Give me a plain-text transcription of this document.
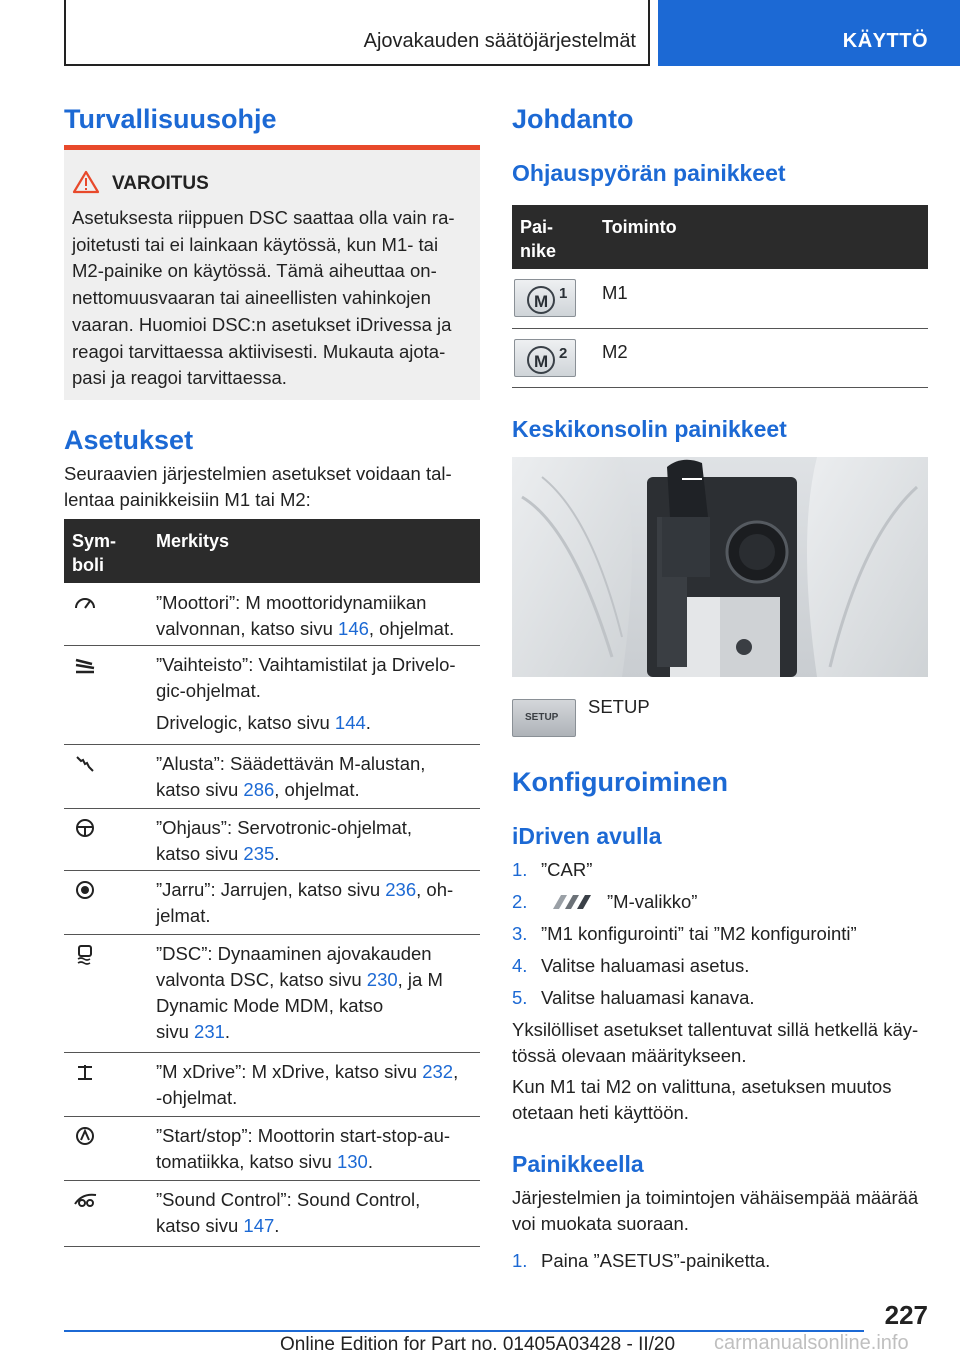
Ajovakauden säätöjärjestelmät	KÄYTTÖ
Turvallisuusohje
VAROITUS
Asetuksesta riippuen DSC saattaa olla vain ra-
joitetusti tai ei lainkaan käytössä, kun M1- tai
M2-painike on käytössä. Tämä aiheuttaa on-
nettomuusvaaran tai aineellisten vahinkojen
vaaran. Huomioi DSC:n asetukset iDrivessa ja
reagoi tarvittaessa aktiivisesti. Mukauta ajota-
pasi ja reagoi tarvittaessa.
Asetukset
Seuraavien järjestelmien asetukset voidaan tal-
lentaa painikkeisiin M1 tai M2:
Sym-
boli
Merkitys
”Moottori”: M moottoridynamiikan
valvonnan, katso sivu 146, ohjelmat.
”Vaihteisto”: Vaihtamistilat ja Drivelo-
gic-ohjelmat.
Drivelogic, katso sivu 144.
”Alusta”: Säädettävän M-alustan,
katso sivu 286, ohjelmat.
”Ohjaus”: Servotronic-ohjelmat,
katso sivu 235.
”Jarru”: Jarrujen, katso sivu 236, oh-
jelmat.
”DSC”: Dynaaminen ajovakauden
valvonta DSC, katso sivu 230, ja M
Dynamic Mode MDM, katso
sivu 231.
”M xDrive”: M xDrive, katso sivu 232,
-ohjelmat.
”Start/stop”: Moottorin start-stop-au-
tomatiikka, katso sivu 130.
”Sound Control”: Sound Control,
katso sivu 147.
Johdanto
Ohjauspyörän painikkeet
Pai-
nike
Toiminto
M 1 M1
M 2 M2
Keskikonsolin painikkeet
SETUP
SETUP
Konfiguroiminen
iDriven avulla
1. ”CAR”
2.	”M-valikko”
3. ”M1 konfigurointi” tai ”M2 konfigurointi”
4. Valitse haluamasi asetus.
5. Valitse haluamasi kanava.
Yksilölliset asetukset tallentuvat sillä hetkellä käy-
tössä olevaan määritykseen.
Kun M1 tai M2 on valittuna, asetuksen muutos
otetaan heti käyttöön.
Painikkeella
Järjestelmien ja toimintojen vähäisempää määrää
voi muokata suoraan.
1. Paina ”ASETUS”-painiketta.
227
Online Edition for Part no. 01405A03428 - II/20 carmanualsonline.info
